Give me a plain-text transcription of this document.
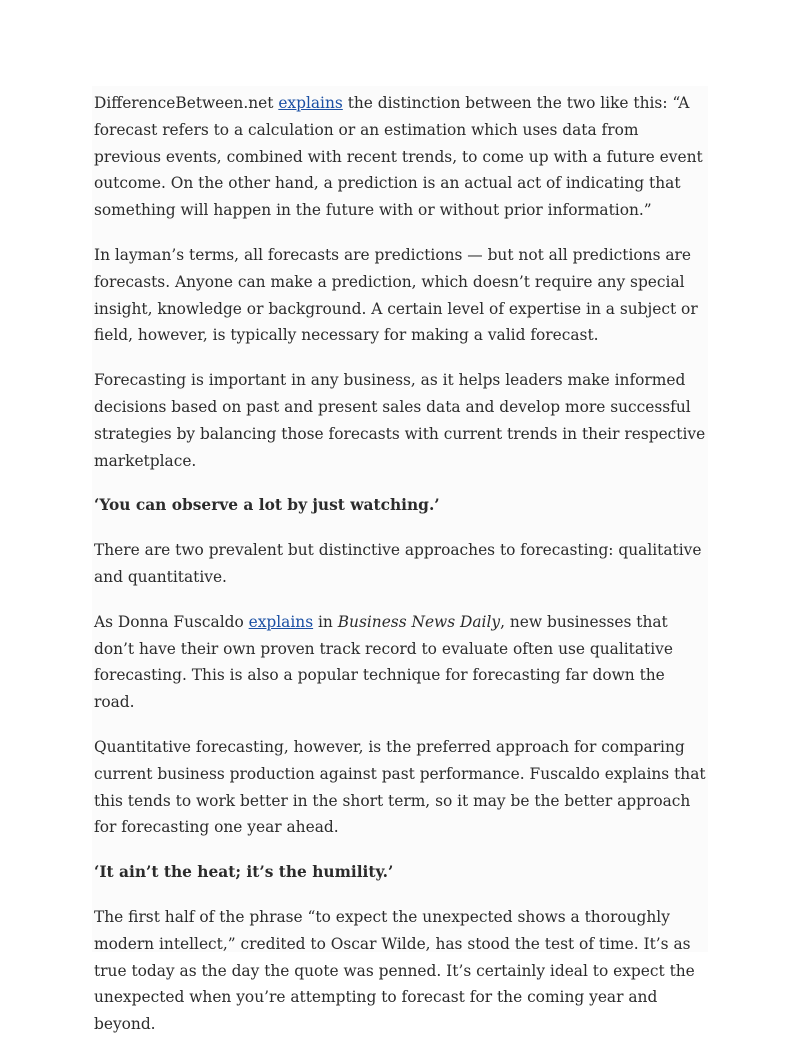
DifferenceBetween.net explains the distinction between the two like this: “A forecast refers to a calculation or an estimation which uses data from previous events, combined with recent trends, to come up with a future event outcome. On the other hand, a prediction is an actual act of indicating that something will happen in the future with or without prior information.”

In layman’s terms, all forecasts are predictions — but not all predictions are forecasts. Anyone can make a prediction, which doesn’t require any special insight, knowledge or background. A certain level of expertise in a subject or field, however, is typically necessary for making a valid forecast.

Forecasting is important in any business, as it helps leaders make informed decisions based on past and present sales data and develop more successful strategies by balancing those forecasts with current trends in their respective marketplace.

‘You can observe a lot by just watching.’

There are two prevalent but distinctive approaches to forecasting: qualitative and quantitative.

As Donna Fuscaldo explains in Business News Daily, new businesses that don’t have their own proven track record to evaluate often use qualitative forecasting. This is also a popular technique for forecasting far down the road.

Quantitative forecasting, however, is the preferred approach for comparing current business production against past performance. Fuscaldo explains that this tends to work better in the short term, so it may be the better approach for forecasting one year ahead.

‘It ain’t the heat; it’s the humility.’

The first half of the phrase “to expect the unexpected shows a thoroughly modern intellect,” credited to Oscar Wilde, has stood the test of time. It’s as true today as the day the quote was penned. It’s certainly ideal to expect the unexpected when you’re attempting to forecast for the coming year and beyond.
